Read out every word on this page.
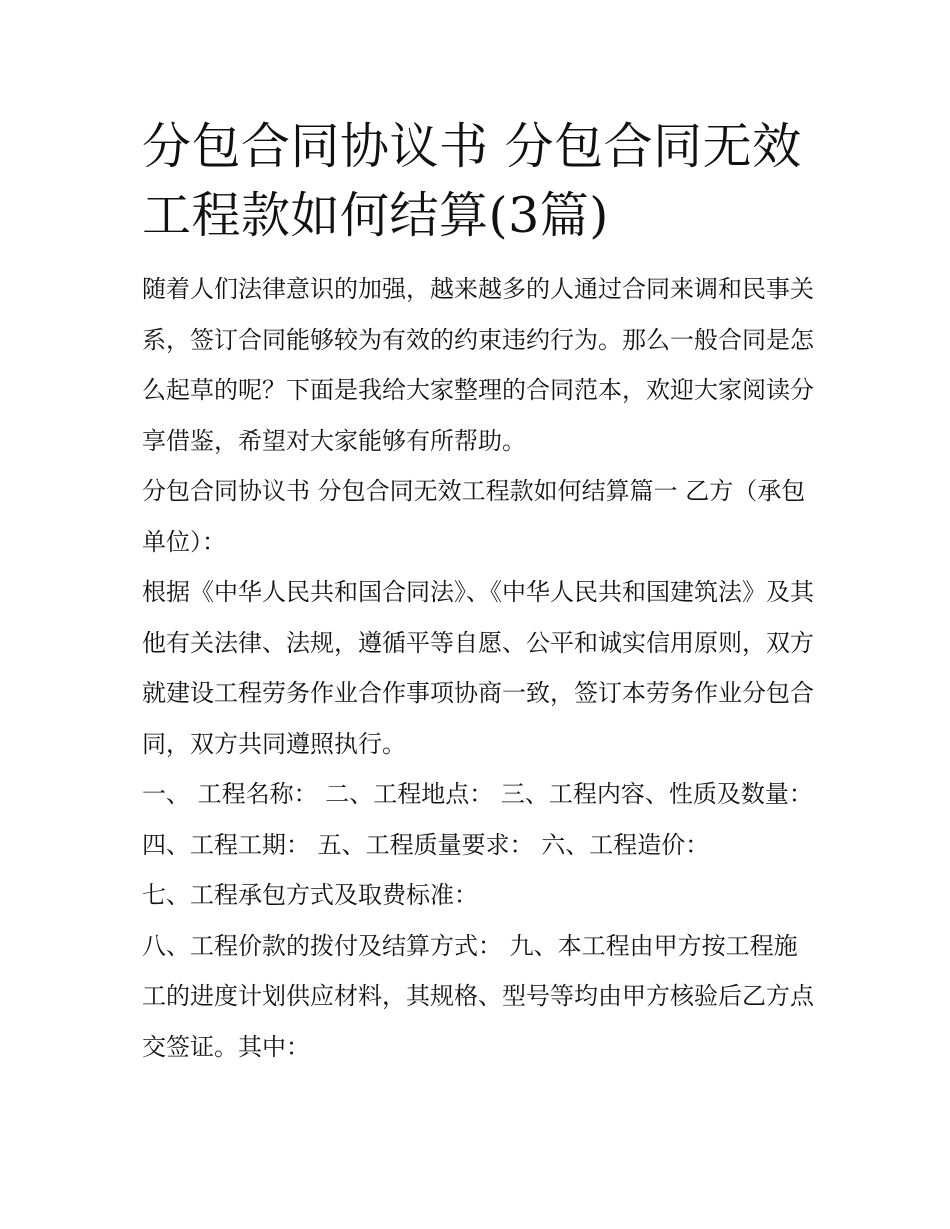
分包合同协议书 分包合同无效工程款如何结算(3篇)

随着人们法律意识的加强，越来越多的人通过合同来调和民事关系，签订合同能够较为有效的约束违约行为。那么一般合同是怎么起草的呢？下面是我给大家整理的合同范本，欢迎大家阅读分享借鉴，希望对大家能够有所帮助。

分包合同协议书 分包合同无效工程款如何结算篇一 乙方（承包单位）：

根据《中华人民共和国合同法》、《中华人民共和国建筑法》及其他有关法律、法规，遵循平等自愿、公平和诚实信用原则，双方就建设工程劳务作业合作事项协商一致，签订本劳务作业分包合同，双方共同遵照执行。

一、 工程名称： 二、工程地点： 三、工程内容、性质及数量： 四、工程工期： 五、工程质量要求： 六、工程造价：

七、工程承包方式及取费标准：

八、工程价款的拨付及结算方式： 九、本工程由甲方按工程施工的进度计划供应材料，其规格、型号等均由甲方核验后乙方点交签证。其中：
